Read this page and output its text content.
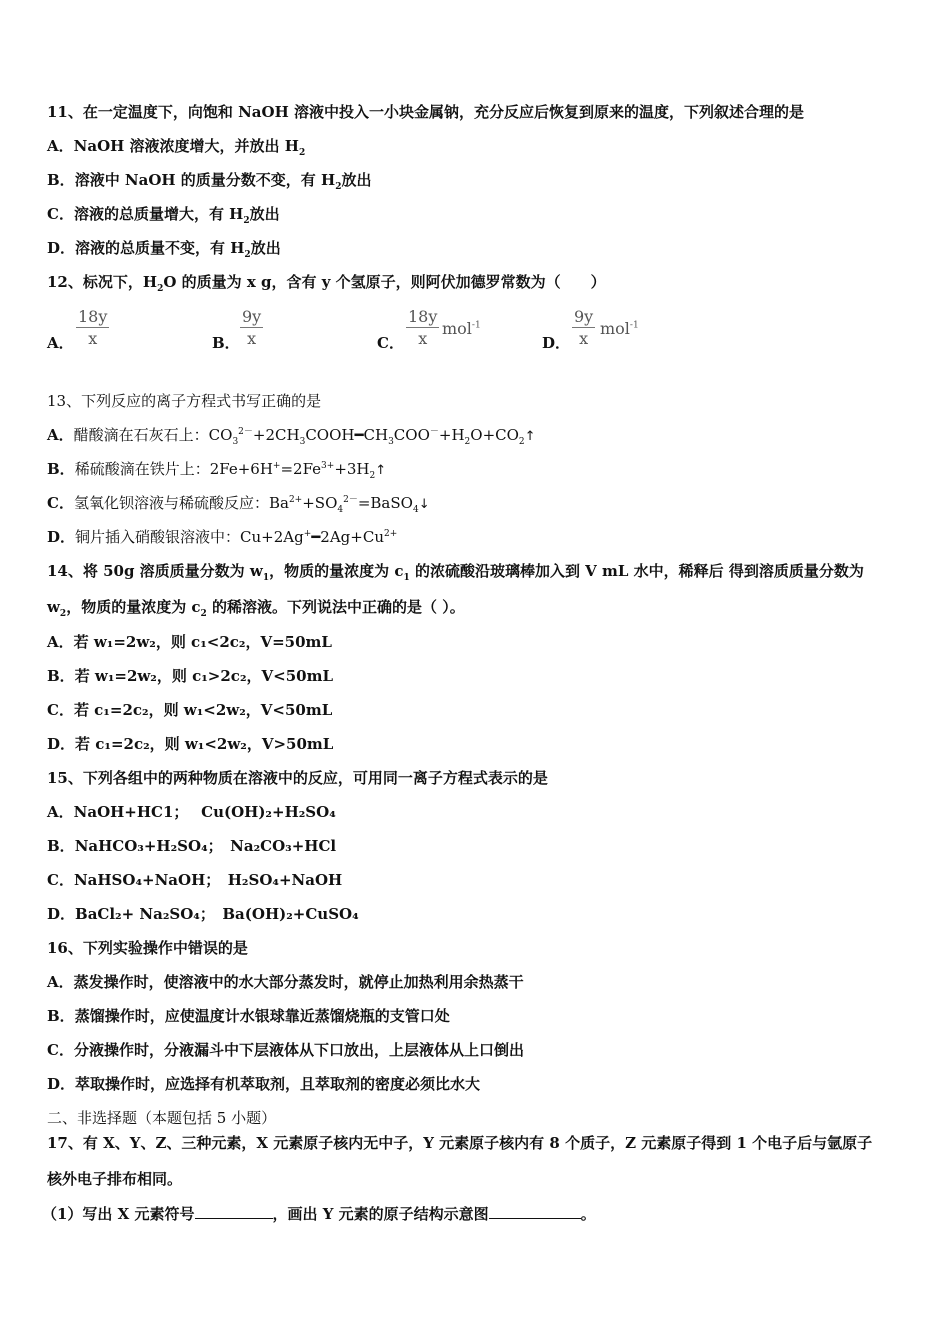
11、在一定温度下，向饱和 NaOH 溶液中投入一小块金属钠，充分反应后恢复到原来的温度，下列叙述合理的是
A．NaOH 溶液浓度增大，并放出 $H_2$
B．溶液中 NaOH 的质量分数不变，有 $H_2$放出
C．溶液的总质量增大，有 $H_2$放出
D．溶液的总质量不变，有 $H_2$放出
12、标况下，$H_2O$ 的质量为 x g，含有 y 个氢原子，则阿伏加德罗常数为（　　）
A． $\frac{18y}{x}$	B． $\frac{9y}{x}$	C． $\frac{18y}{x} mol^{-1}$
D． $\frac{9y}{x} mol^{-1}$
13、下列反应的离子方程式书写正确的是
A．醋酸滴在石灰石上：$CO_3^{2-}+2CH_3COOH━CH_3COO^-+H_2O+CO_2↑$
B．稀硫酸滴在铁片上：$2Fe+6H^+=2Fe^{3+}+3H_2↑$
C．氢氧化钡溶液与稀硫酸反应：$Ba^{2+}+SO_4^{2-}=BaSO_4↓$
D．铜片插入硝酸银溶液中：$Cu+2Ag^+━2Ag+Cu^{2+}$
14、将 50g 溶质质量分数为 $w_1$，物质的量浓度为 $c_1$ 的浓硫酸沿玻璃棒加入到 V mL 水中，稀释后 得到溶质质量分数为
$w_2$，物质的量浓度为 $c_2$ 的稀溶液。下列说法中正确的是（ ）。
A．若 w₁=2w₂，则 c₁<2c₂，V=50mL
B．若 w₁=2w₂，则 c₁>2c₂，V<50mL
C．若 c₁=2c₂，则 w₁<2w₂，V<50mL
D．若 c₁=2c₂，则 w₁<2w₂，V>50mL
15、下列各组中的两种物质在溶液中的反应，可用同一离子方程式表示的是
A．NaOH+HC1；　 Cu(OH)₂+H₂SO₄
B．NaHCO₃+H₂SO₄；　Na₂CO₃+HCl
C．NaHSO₄+NaOH；　H₂SO₄+NaOH
D．BaCl₂+ Na₂SO₄；　Ba(OH)₂+CuSO₄
16、下列实验操作中错误的是
A．蒸发操作时，使溶液中的水大部分蒸发时，就停止加热利用余热蒸干
B．蒸馏操作时，应使温度计水银球靠近蒸馏烧瓶的支管口处
C．分液操作时，分液漏斗中下层液体从下口放出，上层液体从上口倒出
D．萃取操作时，应选择有机萃取剂，且萃取剂的密度必须比水大
二、非选择题（本题包括 5 小题）
17、有 X、Y、Z、三种元素，X 元素原子核内无中子，Y 元素原子核内有 8 个质子，Z 元素原子得到 1 个电子后与氩原子
核外电子排布相同。
（1）写出 X 元素符号	，画出 Y 元素的原子结构示意图	。
